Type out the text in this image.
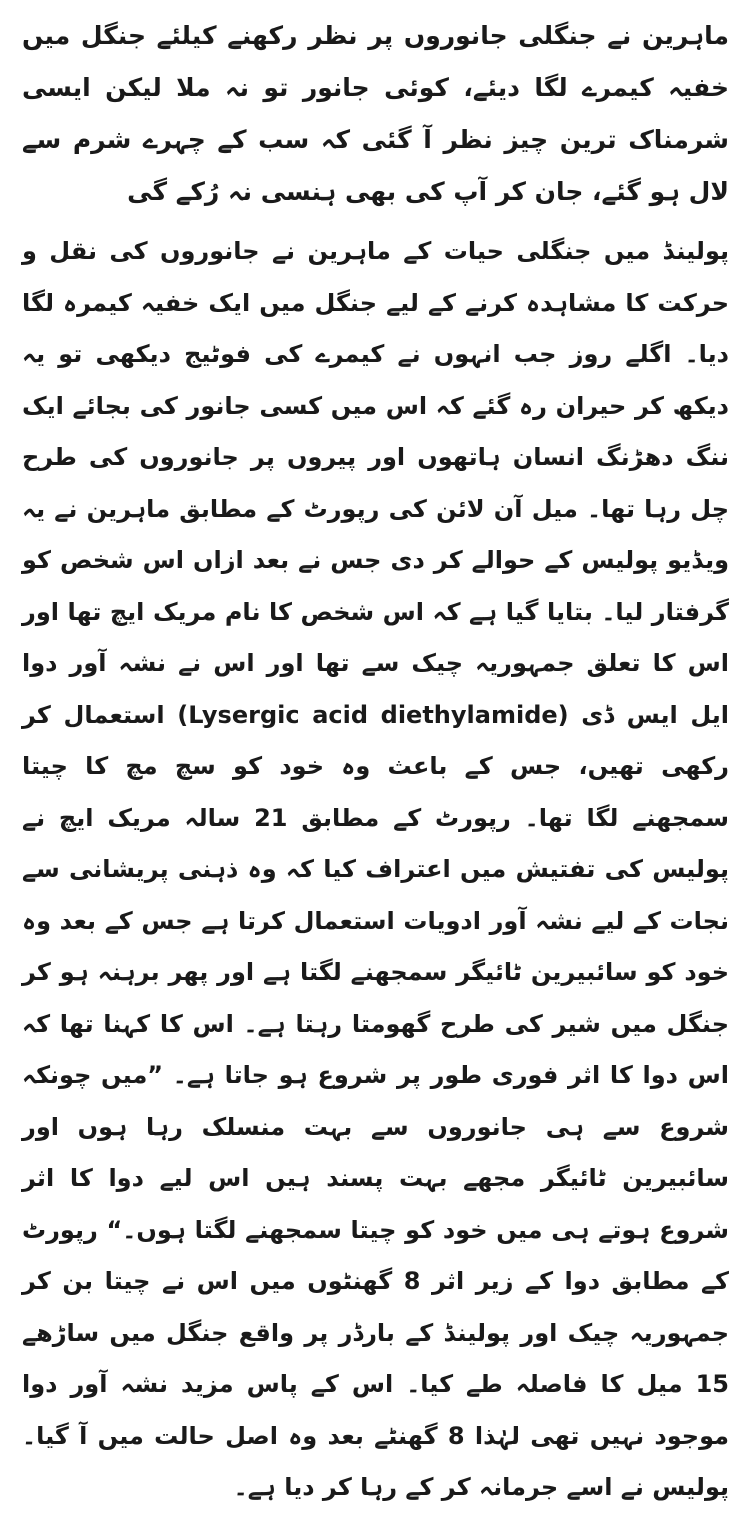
ماہرین نے جنگلی جانوروں پر نظر رکھنے کیلئے جنگل میں خفیہ کیمرے لگا دیئے، کوئی جانور تو نہ ملا لیکن ایسی شرمناک ترین چیز نظر آ گئی کہ سب کے چہرے شرم سے لال ہو گئے، جان کر آپ کی بھی ہنسی نہ رُکے گی

پولینڈ میں جنگلی حیات کے ماہرین نے جانوروں کی نقل و حرکت کا مشاہدہ کرنے کے لیے جنگل میں ایک خفیہ کیمرہ لگا دیا۔ اگلے روز جب انہوں نے کیمرے کی فوٹیج دیکھی تو یہ دیکھ کر حیران رہ گئے کہ اس میں کسی جانور کی بجائے ایک ننگ دھڑنگ انسان ہاتھوں اور پیروں پر جانوروں کی طرح چل رہا تھا۔ میل آن لائن کی رپورٹ کے مطابق ماہرین نے یہ ویڈیو پولیس کے حوالے کر دی جس نے بعد ازاں اس شخص کو گرفتار لیا۔ بتایا گیا ہے کہ اس شخص کا نام مریک ایچ تھا اور اس کا تعلق جمہوریہ چیک سے تھا اور اس نے نشہ آور دوا ایل ایس ڈی (Lysergic acid diethylamide) استعمال کر رکھی تھیں، جس کے باعث وہ خود کو سچ مچ کا چیتا سمجھنے لگا تھا۔ رپورٹ کے مطابق 21 سالہ مریک ایچ نے پولیس کی تفتیش میں اعتراف کیا کہ وہ ذہنی پریشانی سے نجات کے لیے نشہ آور ادویات استعمال کرتا ہے جس کے بعد وہ خود کو سائبیرین ٹائیگر سمجھنے لگتا ہے اور پھر برہنہ ہو کر جنگل میں شیر کی طرح گھومتا رہتا ہے۔ اس کا کہنا تھا کہ اس دوا کا اثر فوری طور پر شروع ہو جاتا ہے۔ ”میں چونکہ شروع سے ہی جانوروں سے بہت منسلک رہا ہوں اور سائبیرین ٹائیگر مجھے بہت پسند ہیں اس لیے دوا کا اثر شروع ہوتے ہی میں خود کو چیتا سمجھنے لگتا ہوں۔“ رپورٹ کے مطابق دوا کے زیر اثر 8 گھنٹوں میں اس نے چیتا بن کر جمہوریہ چیک اور پولینڈ کے بارڈر پر واقع جنگل میں ساڑھے 15 میل کا فاصلہ طے کیا۔ اس کے پاس مزید نشہ آور دوا موجود نہیں تھی لہٰذا 8 گھنٹے بعد وہ اصل حالت میں آ گیا۔ پولیس نے اسے جرمانہ کر کے رہا کر دیا ہے۔
